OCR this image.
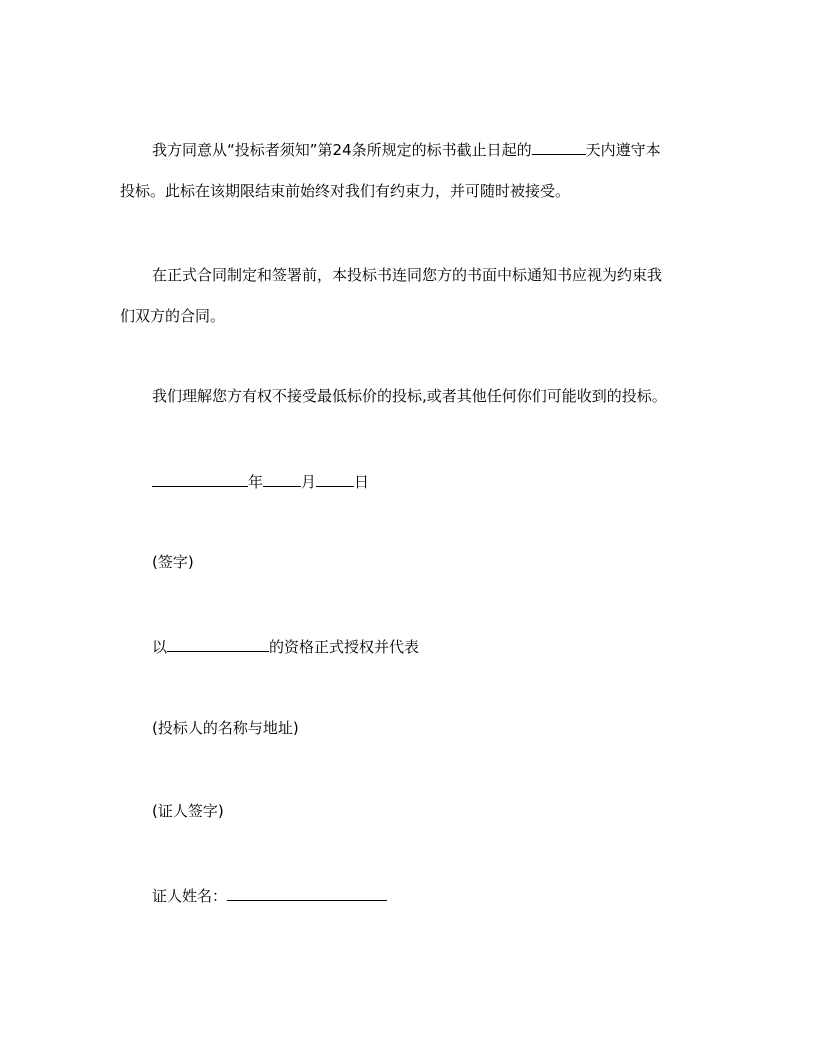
我方同意从“投标者须知”第24条所规定的标书截止日起的	天内遵守本
投标。此标在该期限结束前始终对我们有约束力，并可随时被接受。
在正式合同制定和签署前，本投标书连同您方的书面中标通知书应视为约束我
们双方的合同。
我们理解您方有权不接受最低标价的投标,或者其他任何你们可能收到的投标。
年	月	日
(签字)
以	的资格正式授权并代表
(投标人的名称与地址)
(证人签字)
证人姓名：
